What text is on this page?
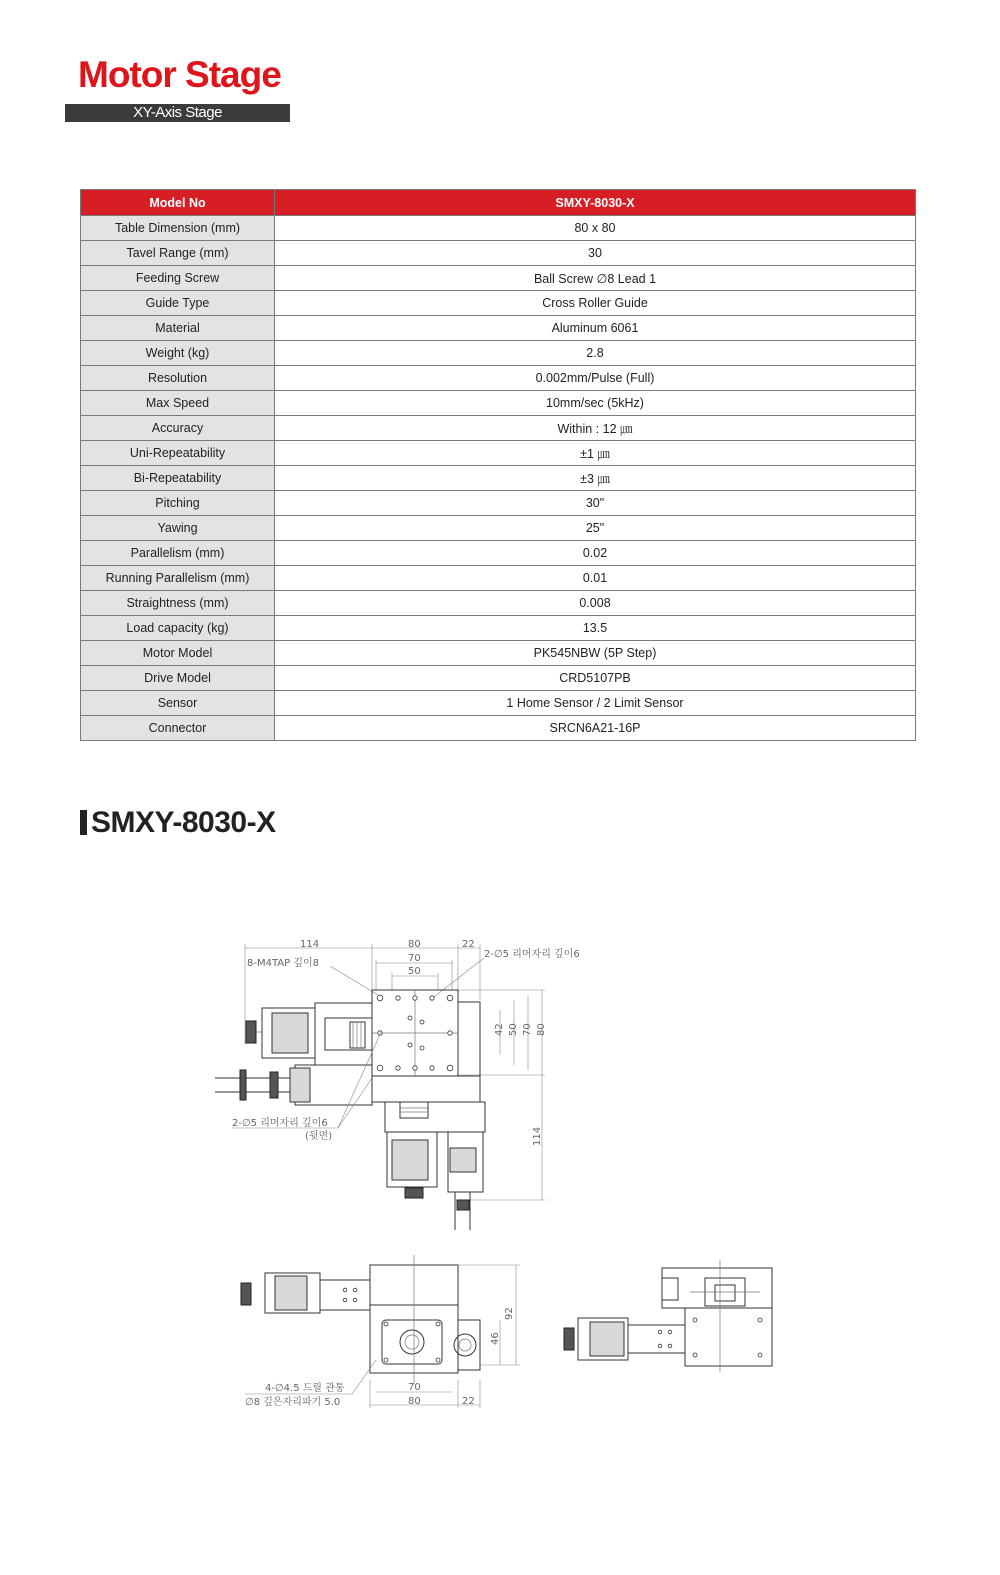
Motor Stage
XY-Axis Stage
Model No	SMXY-8030-X
Table Dimension (mm)	80 x 80
Tavel Range (mm)	30
Feeding Screw	Ball Screw ∅8 Lead 1
Guide Type	Cross Roller Guide
Material	Aluminum 6061
Weight (kg)	2.8
Resolution	0.002mm/Pulse (Full)
Max Speed	10mm/sec (5kHz)
Accuracy	Within : 12 ㎛
Uni-Repeatability	±1 ㎛
Bi-Repeatability	±3 ㎛
Pitching	30"
Yawing	25"
Parallelism (mm)	0.02
Running Parallelism (mm)	0.01
Straightness (mm)	0.008
Load capacity (kg)	13.5
Motor Model	PK545NBW (5P Step)
Drive Model	CRD5107PB
Sensor	1 Home Sensor / 2 Limit Sensor
Connector	SRCN6A21-16P
SMXY-8030-X
114	80	22
70
50
8-M4TAP 깊이8
2-∅5 리머자리 깊이6
42 50 70 80
114
2-∅5 리머자리 깊이6
(뒷면)
92
46
70
80	22
4-∅4.5 드릴 관통
∅8 깊은자리파기 5.0
